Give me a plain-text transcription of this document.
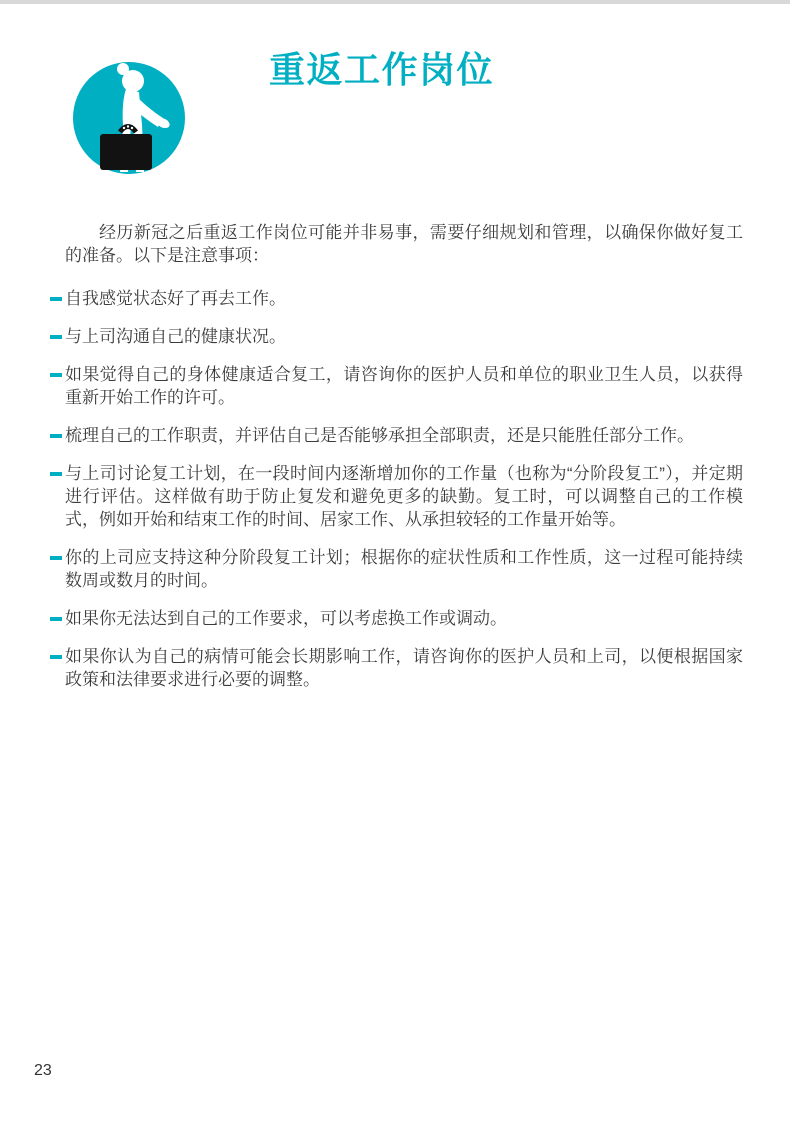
重返工作岗位

经历新冠之后重返工作岗位可能并非易事，需要仔细规划和管理，以确保你做好复工的准备。以下是注意事项：

自我感觉状态好了再去工作。
与上司沟通自己的健康状况。
如果觉得自己的身体健康适合复工，请咨询你的医护人员和单位的职业卫生人员，以获得重新开始工作的许可。
梳理自己的工作职责，并评估自己是否能够承担全部职责，还是只能胜任部分工作。
与上司讨论复工计划，在一段时间内逐渐增加你的工作量（也称为“分阶段复工”），并定期进行评估。这样做有助于防止复发和避免更多的缺勤。复工时，可以调整自己的工作模式，例如开始和结束工作的时间、居家工作、从承担较轻的工作量开始等。
你的上司应支持这种分阶段复工计划；根据你的症状性质和工作性质，这一过程可能持续数周或数月的时间。
如果你无法达到自己的工作要求，可以考虑换工作或调动。
如果你认为自己的病情可能会长期影响工作，请咨询你的医护人员和上司，以便根据国家政策和法律要求进行必要的调整。
23
